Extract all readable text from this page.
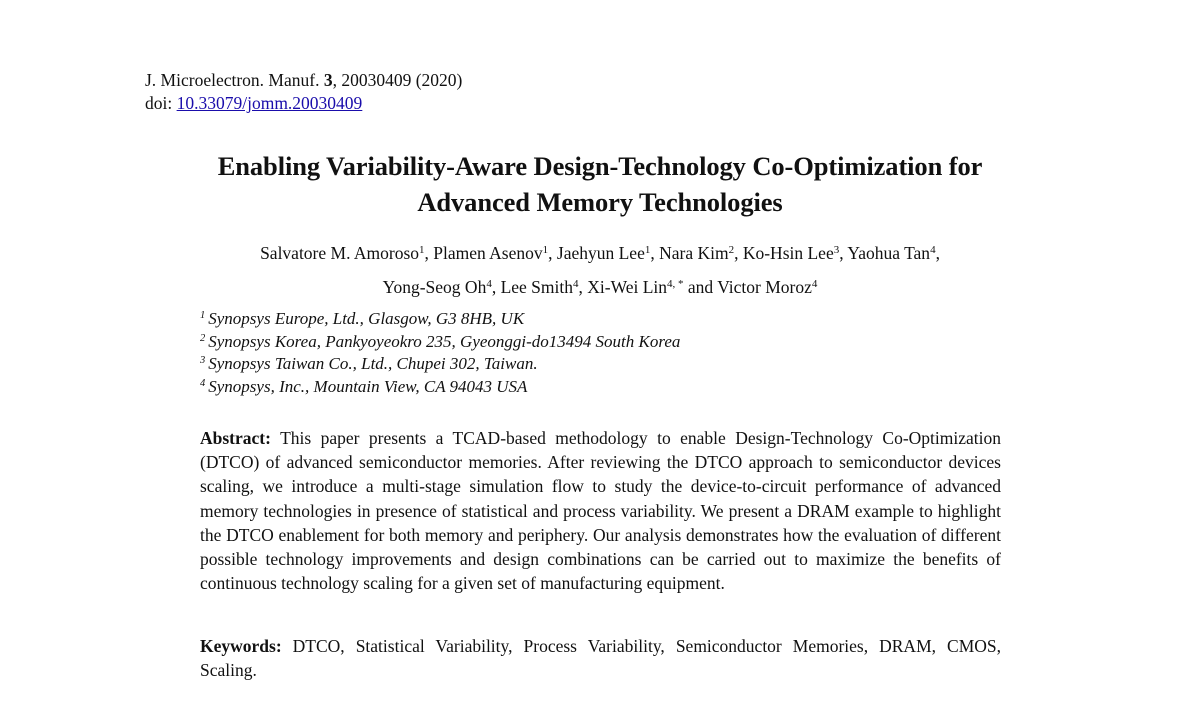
J. Microelectron. Manuf. 3, 20030409 (2020)
doi: 10.33079/jomm.20030409
Enabling Variability-Aware Design-Technology Co-Optimization for
Advanced Memory Technologies
Salvatore M. Amoroso$^1$, Plamen Asenov$^1$, Jaehyun Lee$^1$, Nara Kim$^2$, Ko-Hsin Lee$^3$, Yaohua Tan$^4$,
Yong-Seog Oh$^4$, Lee Smith$^4$, Xi-Wei Lin$^{4, *}$ and Victor Moroz$^4$
$^1$ Synopsys Europe, Ltd., Glasgow, G3 8HB, UK
$^2$ Synopsys Korea, Pankyoyeokro 235, Gyeonggi-do13494 South Korea
$^3$ Synopsys Taiwan Co., Ltd., Chupei 302, Taiwan.
$^4$ Synopsys, Inc., Mountain View, CA 94043 USA
Abstract: This paper presents a TCAD-based methodology to enable Design-Technology Co-Optimization (DTCO) of advanced semiconductor memories. After reviewing the DTCO approach to semiconductor devices scaling, we introduce a multi-stage simulation flow to study the device-to-circuit performance of advanced memory technologies in presence of statistical and process variability. We present a DRAM example to highlight the DTCO enablement for both memory and periphery. Our analysis demonstrates how the evaluation of different possible technology improvements and design combinations can be carried out to maximize the benefits of continuous technology scaling for a given set of manufacturing equipment.
Keywords: DTCO, Statistical Variability, Process Variability, Semiconductor Memories, DRAM, CMOS, Scaling.
